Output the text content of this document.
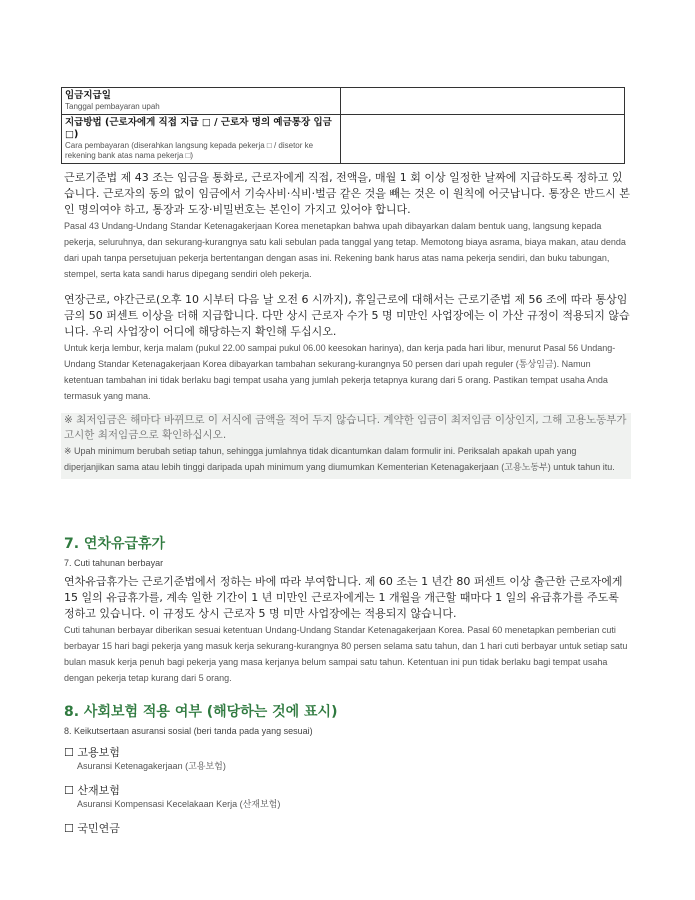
임금지급일
Tanggal pembayaran upah	

지급방법 (근로자에게 직접 지급 □ / 근로자 명의 예금통장 입금 □)
Cara pembayaran (diserahkan langsung kepada pekerja □ / disetor ke rekening bank atas nama pekerja □)	

근로기준법 제 43 조는 임금을 통화로, 근로자에게 직접, 전액을, 매월 1 회 이상 일정한 날짜에 지급하도록 정하고 있습니다. 근로자의 동의 없이 임금에서 기숙사비·식비·벌금 같은 것을 빼는 것은 이 원칙에 어긋납니다. 통장은 반드시 본인 명의여야 하고, 통장과 도장·비밀번호는 본인이 가지고 있어야 합니다.
Pasal 43 Undang-Undang Standar Ketenagakerjaan Korea menetapkan bahwa upah dibayarkan dalam bentuk uang, langsung kepada pekerja, seluruhnya, dan sekurang-kurangnya satu kali sebulan pada tanggal yang tetap. Memotong biaya asrama, biaya makan, atau denda dari upah tanpa persetujuan pekerja bertentangan dengan asas ini. Rekening bank harus atas nama pekerja sendiri, dan buku tabungan, stempel, serta kata sandi harus dipegang sendiri oleh pekerja.
연장근로, 야간근로(오후 10 시부터 다음 날 오전 6 시까지), 휴일근로에 대해서는 근로기준법 제 56 조에 따라 통상임금의 50 퍼센트 이상을 더해 지급합니다. 다만 상시 근로자 수가 5 명 미만인 사업장에는 이 가산 규정이 적용되지 않습니다. 우리 사업장이 어디에 해당하는지 확인해 두십시오.
Untuk kerja lembur, kerja malam (pukul 22.00 sampai pukul 06.00 keesokan harinya), dan kerja pada hari libur, menurut Pasal 56 Undang-Undang Standar Ketenagakerjaan Korea dibayarkan tambahan sekurang-kurangnya 50 persen dari upah reguler (통상임금). Namun ketentuan tambahan ini tidak berlaku bagi tempat usaha yang jumlah pekerja tetapnya kurang dari 5 orang. Pastikan tempat usaha Anda termasuk yang mana.
※ 최저임금은 해마다 바뀌므로 이 서식에 금액을 적어 두지 않습니다. 계약한 임금이 최저임금 이상인지, 그해 고용노동부가 고시한 최저임금으로 확인하십시오.
※ Upah minimum berubah setiap tahun, sehingga jumlahnya tidak dicantumkan dalam formulir ini. Periksalah apakah upah yang diperjanjikan sama atau lebih tinggi daripada upah minimum yang diumumkan Kementerian Ketenagakerjaan (고용노동부) untuk tahun itu.
7. 연차유급휴가
7. Cuti tahunan berbayar
연차유급휴가는 근로기준법에서 정하는 바에 따라 부여합니다. 제 60 조는 1 년간 80 퍼센트 이상 출근한 근로자에게 15 일의 유급휴가를, 계속 일한 기간이 1 년 미만인 근로자에게는 1 개월을 개근할 때마다 1 일의 유급휴가를 주도록 정하고 있습니다. 이 규정도 상시 근로자 5 명 미만 사업장에는 적용되지 않습니다.
Cuti tahunan berbayar diberikan sesuai ketentuan Undang-Undang Standar Ketenagakerjaan Korea. Pasal 60 menetapkan pemberian cuti berbayar 15 hari bagi pekerja yang masuk kerja sekurang-kurangnya 80 persen selama satu tahun, dan 1 hari cuti berbayar untuk setiap satu bulan masuk kerja penuh bagi pekerja yang masa kerjanya belum sampai satu tahun. Ketentuan ini pun tidak berlaku bagi tempat usaha dengan pekerja tetap kurang dari 5 orang.
8. 사회보험 적용 여부 (해당하는 것에 표시)
8. Keikutsertaan asuransi sosial (beri tanda pada yang sesuai)
☐ 고용보험
Asuransi Ketenagakerjaan (고용보험)
☐ 산재보험
Asuransi Kompensasi Kecelakaan Kerja (산재보험)
☐ 국민연금
